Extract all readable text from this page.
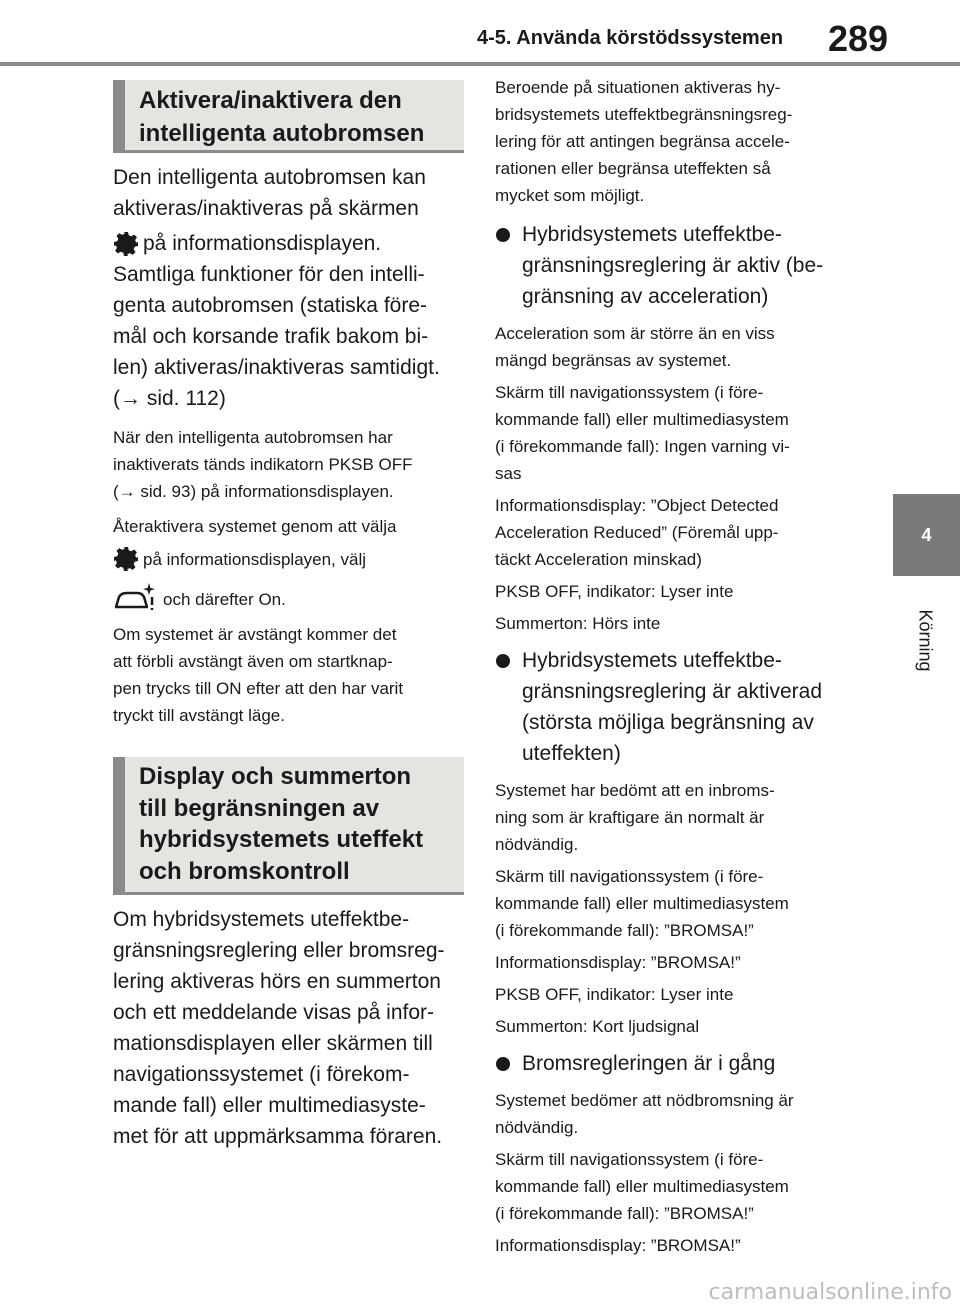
4-5. Använda körstödssystemen 289
4
Körning
Aktivera/inaktivera den
intelligenta autobromsen

Den intelligenta autobromsen kan

aktiveras/inaktiveras på skärmen

på informationsdisplayen.

Samtliga funktioner för den intelli-

genta autobromsen (statiska före-

mål och korsande trafik bakom bi-

len) aktiveras/inaktiveras samtidigt.

(→ sid. 112)

När den intelligenta autobromsen har

inaktiverats tänds indikatorn PKSB OFF

(→ sid. 93) på informationsdisplayen.

Återaktivera systemet genom att välja

på informationsdisplayen, välj

och därefter On.

Om systemet är avstängt kommer det

att förbli avstängt även om startknap-

pen trycks till ON efter att den har varit

tryckt till avstängt läge.

Display och summerton
till begränsningen av
hybridsystemets uteffekt
och bromskontroll

Om hybridsystemets uteffektbe-

gränsningsreglering eller bromsreg-

lering aktiveras hörs en summerton

och ett meddelande visas på infor-

mationsdisplayen eller skärmen till

navigationssystemet (i förekom-

mande fall) eller multimediasyste-

met för att uppmärksamma föraren.

Beroende på situationen aktiveras hy-

bridsystemets uteffektbegränsningsreg-

lering för att antingen begränsa accele-

rationen eller begränsa uteffekten så

mycket som möjligt.

Hybridsystemets uteffektbe-

gränsningsreglering är aktiv (be-

gränsning av acceleration)

Acceleration som är större än en viss

mängd begränsas av systemet.

Skärm till navigationssystem (i före-

kommande fall) eller multimediasystem

(i förekommande fall): Ingen varning vi-

sas

Informationsdisplay: ”Object Detected

Acceleration Reduced” (Föremål upp-

täckt Acceleration minskad)

PKSB OFF, indikator: Lyser inte

Summerton: Hörs inte

Hybridsystemets uteffektbe-

gränsningsreglering är aktiverad

(största möjliga begränsning av

uteffekten)

Systemet har bedömt att en inbroms-

ning som är kraftigare än normalt är

nödvändig.

Skärm till navigationssystem (i före-

kommande fall) eller multimediasystem

(i förekommande fall): ”BROMSA!”

Informationsdisplay: ”BROMSA!”

PKSB OFF, indikator: Lyser inte

Summerton: Kort ljudsignal

Bromsregleringen är i gång

Systemet bedömer att nödbromsning är

nödvändig.

Skärm till navigationssystem (i före-

kommande fall) eller multimediasystem

(i förekommande fall): ”BROMSA!”

Informationsdisplay: ”BROMSA!”

carmanualsonline.info
